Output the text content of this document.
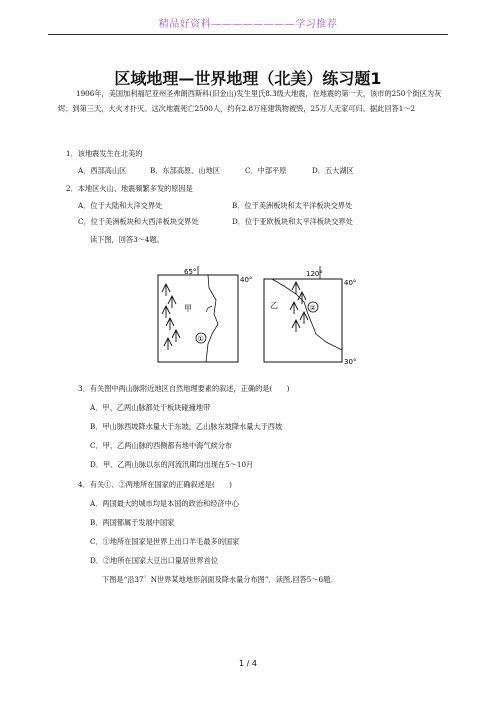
精品好资料————————学习推荐
区域地理—世界地理（北美）练习题1
1906年，美国加利福尼亚州圣弗朗西斯科(旧金山)发生里氏8.3级大地震，在地震的第一天，该市的250个街区为灰烬；到第三天，大火才扑灭。这次地震死亡2500人，约有2.8万座建筑物被毁，25万人无家可归。据此回答1～2
1．该地震发生在北美的
A．西部高山区	B．东部高原、山地区	C．中部平原	D．五大湖区
2．本地区火山、地震频繁多发的原因是
A．位于大陆和大洋交界处	B．位于美洲板块和太平洋板块交界处
C．位于美洲板块和大西洋板块交界处	D．位于亚欧板块和太平洋板块交界处
读下图，回答3～4题。
65°
40°
甲
①
120°
40°
30°
乙	②
3．有关图中两山脉附近地区自然地理要素的叙述，正确的是(　　)
A．甲、乙两山脉都处于板块碰撞地带
B．甲山脉西坡降水量大于东坡，乙山脉东坡降水量大于西坡
C．甲、乙两山脉的西侧都有地中海气候分布
D．甲、乙两山脉以东的河流汛期均出现在5～10月
4．有关①、②两地所在国家的正确叙述是(　　)
A．两国最大的城市均是本国的政治和经济中心
B．两国都属于发展中国家
C．①地所在国家是世界上出口羊毛最多的国家
D．②地所在国家大豆出口量居世界首位
下图是“沿37゜N世界某地地形剖面及降水量分布图”．读图,回答5～6题。
1 / 4
